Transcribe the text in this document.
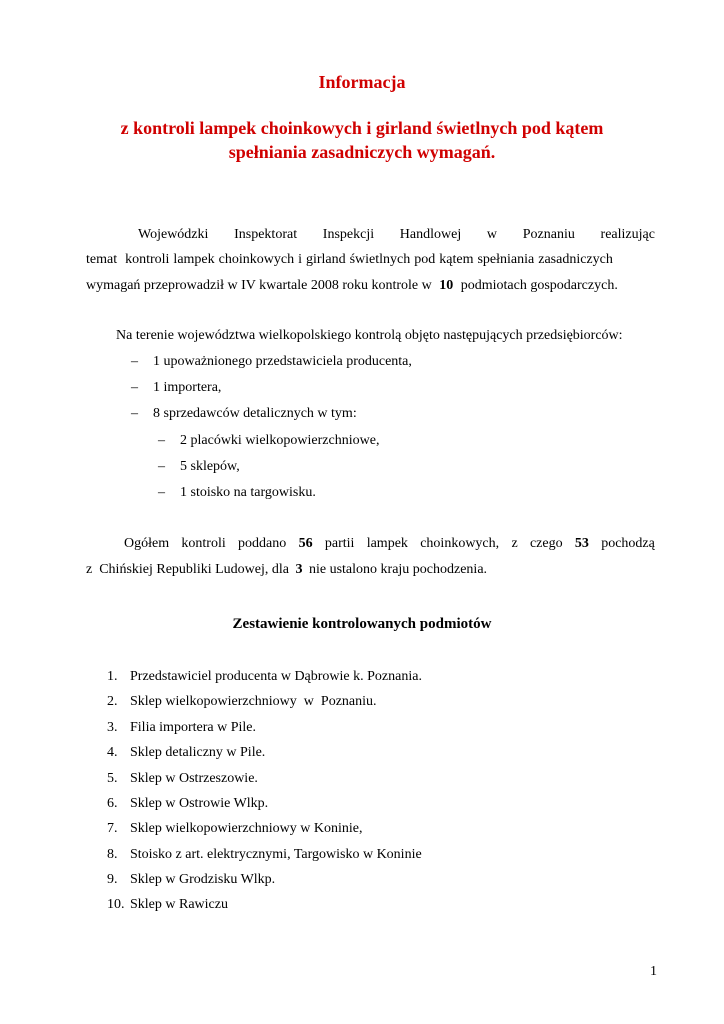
Informacja
z kontroli lampek choinkowych i girland świetlnych pod kątem
spełniania zasadniczych wymagań.
Wojewódzki Inspektorat Inspekcji Handlowej w Poznaniu realizując
temat  kontroli lampek choinkowych i girland świetlnych pod kątem spełniania zasadniczych
wymagań przeprowadził w IV kwartale 2008 roku kontrole w 10 podmiotach gospodarczych.
Na terenie województwa wielkopolskiego kontrolą objęto następujących przedsiębiorców:
– 1 upoważnionego przedstawiciela producenta,
– 1 importera,
– 8 sprzedawców detalicznych w tym:
– 2 placówki wielkopowierzchniowe,
– 5 sklepów,
– 1 stoisko na targowisku.
Ogółem kontroli poddano 56 partii lampek choinkowych, z czego 53 pochodzą
z  Chińskiej Republiki Ludowej, dla 3 nie ustalono kraju pochodzenia.
Zestawienie kontrolowanych podmiotów
1. Przedstawiciel producenta w Dąbrowie k. Poznania.
2. Sklep wielkopowierzchniowy  w  Poznaniu.
3. Filia importera w Pile.
4. Sklep detaliczny w Pile.
5. Sklep w Ostrzeszowie.
6. Sklep w Ostrowie Wlkp.
7. Sklep wielkopowierzchniowy w Koninie,
8. Stoisko z art. elektrycznymi, Targowisko w Koninie
9. Sklep w Grodzisku Wlkp.
10. Sklep w Rawiczu
1
